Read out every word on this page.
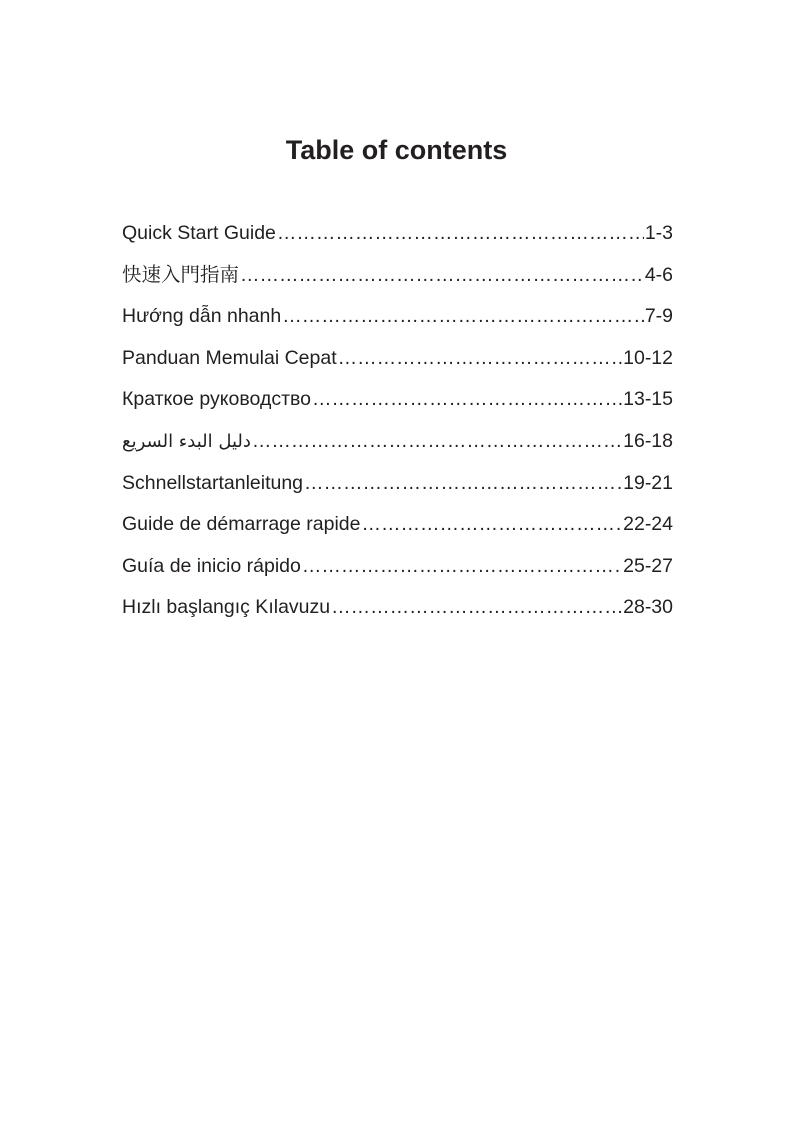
Table of contents
Quick Start Guide ………………………………………………………………………………………………………………	1-3
快速入門指南 ………………………………………………………………………………………………………………	4-6
Hướng dẫn nhanh ………………………………………………………………………………………………………………	7-9
Panduan Memulai Cepat ………………………………………………………………………………………………………………	10-12
Краткое руководство ………………………………………………………………………………………………………………	13-15
دليل البدء السريع ………………………………………………………………………………………………………………	16-18
Schnellstartanleitung ………………………………………………………………………………………………………………	19-21
Guide de démarrage rapide ………………………………………………………………………………………………………………	22-24
Guía de inicio rápido ………………………………………………………………………………………………………………	25-27
Hızlı başlangıç Kılavuzu ………………………………………………………………………………………………………………	28-30
